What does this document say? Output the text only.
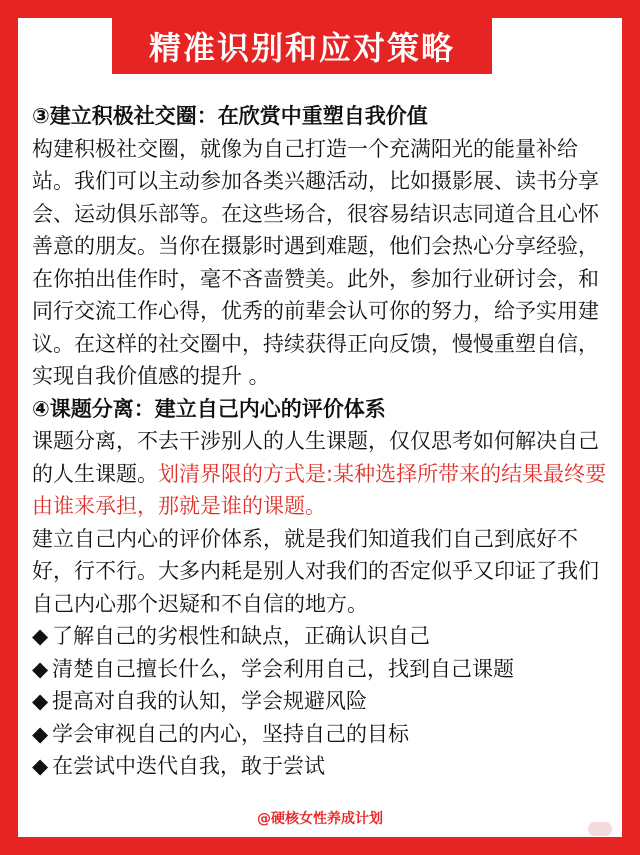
精准识别和应对策略

③建立积极社交圈：在欣赏中重塑自我价值

构建积极社交圈，就像为自己打造一个充满阳光的能量补给站。我们可以主动参加各类兴趣活动，比如摄影展、读书分享会、运动俱乐部等。在这些场合，很容易结识志同道合且心怀善意的朋友。当你在摄影时遇到难题，他们会热心分享经验，在你拍出佳作时，毫不吝啬赞美。此外，参加行业研讨会，和同行交流工作心得，优秀的前辈会认可你的努力，给予实用建议。在这样的社交圈中，持续获得正向反馈，慢慢重塑自信，实现自我价值感的提升 。

④课题分离：建立自己内心的评价体系

课题分离，不去干涉别人的人生课题，仅仅思考如何解决自己的人生课题。划清界限的方式是:某种选择所带来的结果最终要由谁来承担，那就是谁的课题。

建立自己内心的评价体系，就是我们知道我们自己到底好不好，行不行。大多内耗是别人对我们的否定似乎又印证了我们自己内心那个迟疑和不自信的地方。

◆ 了解自己的劣根性和缺点，正确认识自己

◆ 清楚自己擅长什么，学会利用自己，找到自己课题

◆ 提高对自我的认知，学会规避风险

◆ 学会审视自己的内心，坚持自己的目标

◆ 在尝试中迭代自我，敢于尝试

@硬核女性养成计划
